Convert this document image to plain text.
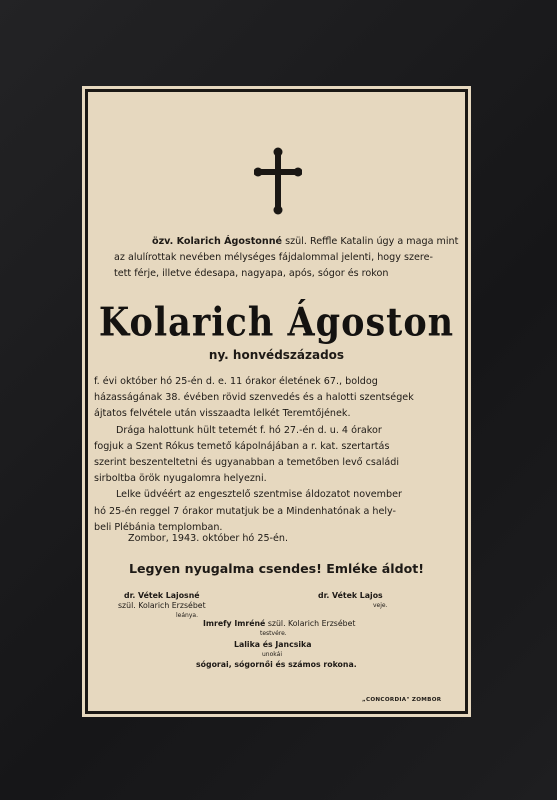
özv. Kolarich Ágostonné szül. Reffle Katalin úgy a maga mint
az alulírottak nevében mélységes fájdalommal jelenti, hogy szere-
tett férje, illetve édesapa, nagyapa, após, sógor és rokon
Kolarich Ágoston
ny. honvédszázados
f. évi október hó 25-én d. e. 11 órakor életének 67., boldog
házasságának 38. évében rövid szenvedés és a halotti szentségek
ájtatos felvétele után visszaadta lelkét Teremtőjének.
Drága halottunk hült tetemét f. hó 27.-én d. u. 4 órakor
fogjuk a Szent Rókus temető kápolnájában a r. kat. szertartás
szerint beszenteltetni és ugyanabban a temetőben levő családi
sirboltba örök nyugalomra helyezni.
Lelke üdvéért az engesztelő szentmise áldozatot november
hó 25-én reggel 7 órakor mutatjuk be a Mindenhatónak a hely-
beli Plébánia templomban.
Zombor, 1943. október hó 25-én.
Legyen nyugalma csendes! Emléke áldot!
dr. Vétek Lajosné
szül. Kolarich Erzsébet
leánya.
dr. Vétek Lajos
veje.
Imrefy Imréné szül. Kolarich Erzsébet
testvére.
Lalika és Jancsika
unokái
sógorai, sógornői és számos rokona.
„CONCORDIA" ZOMBOR
